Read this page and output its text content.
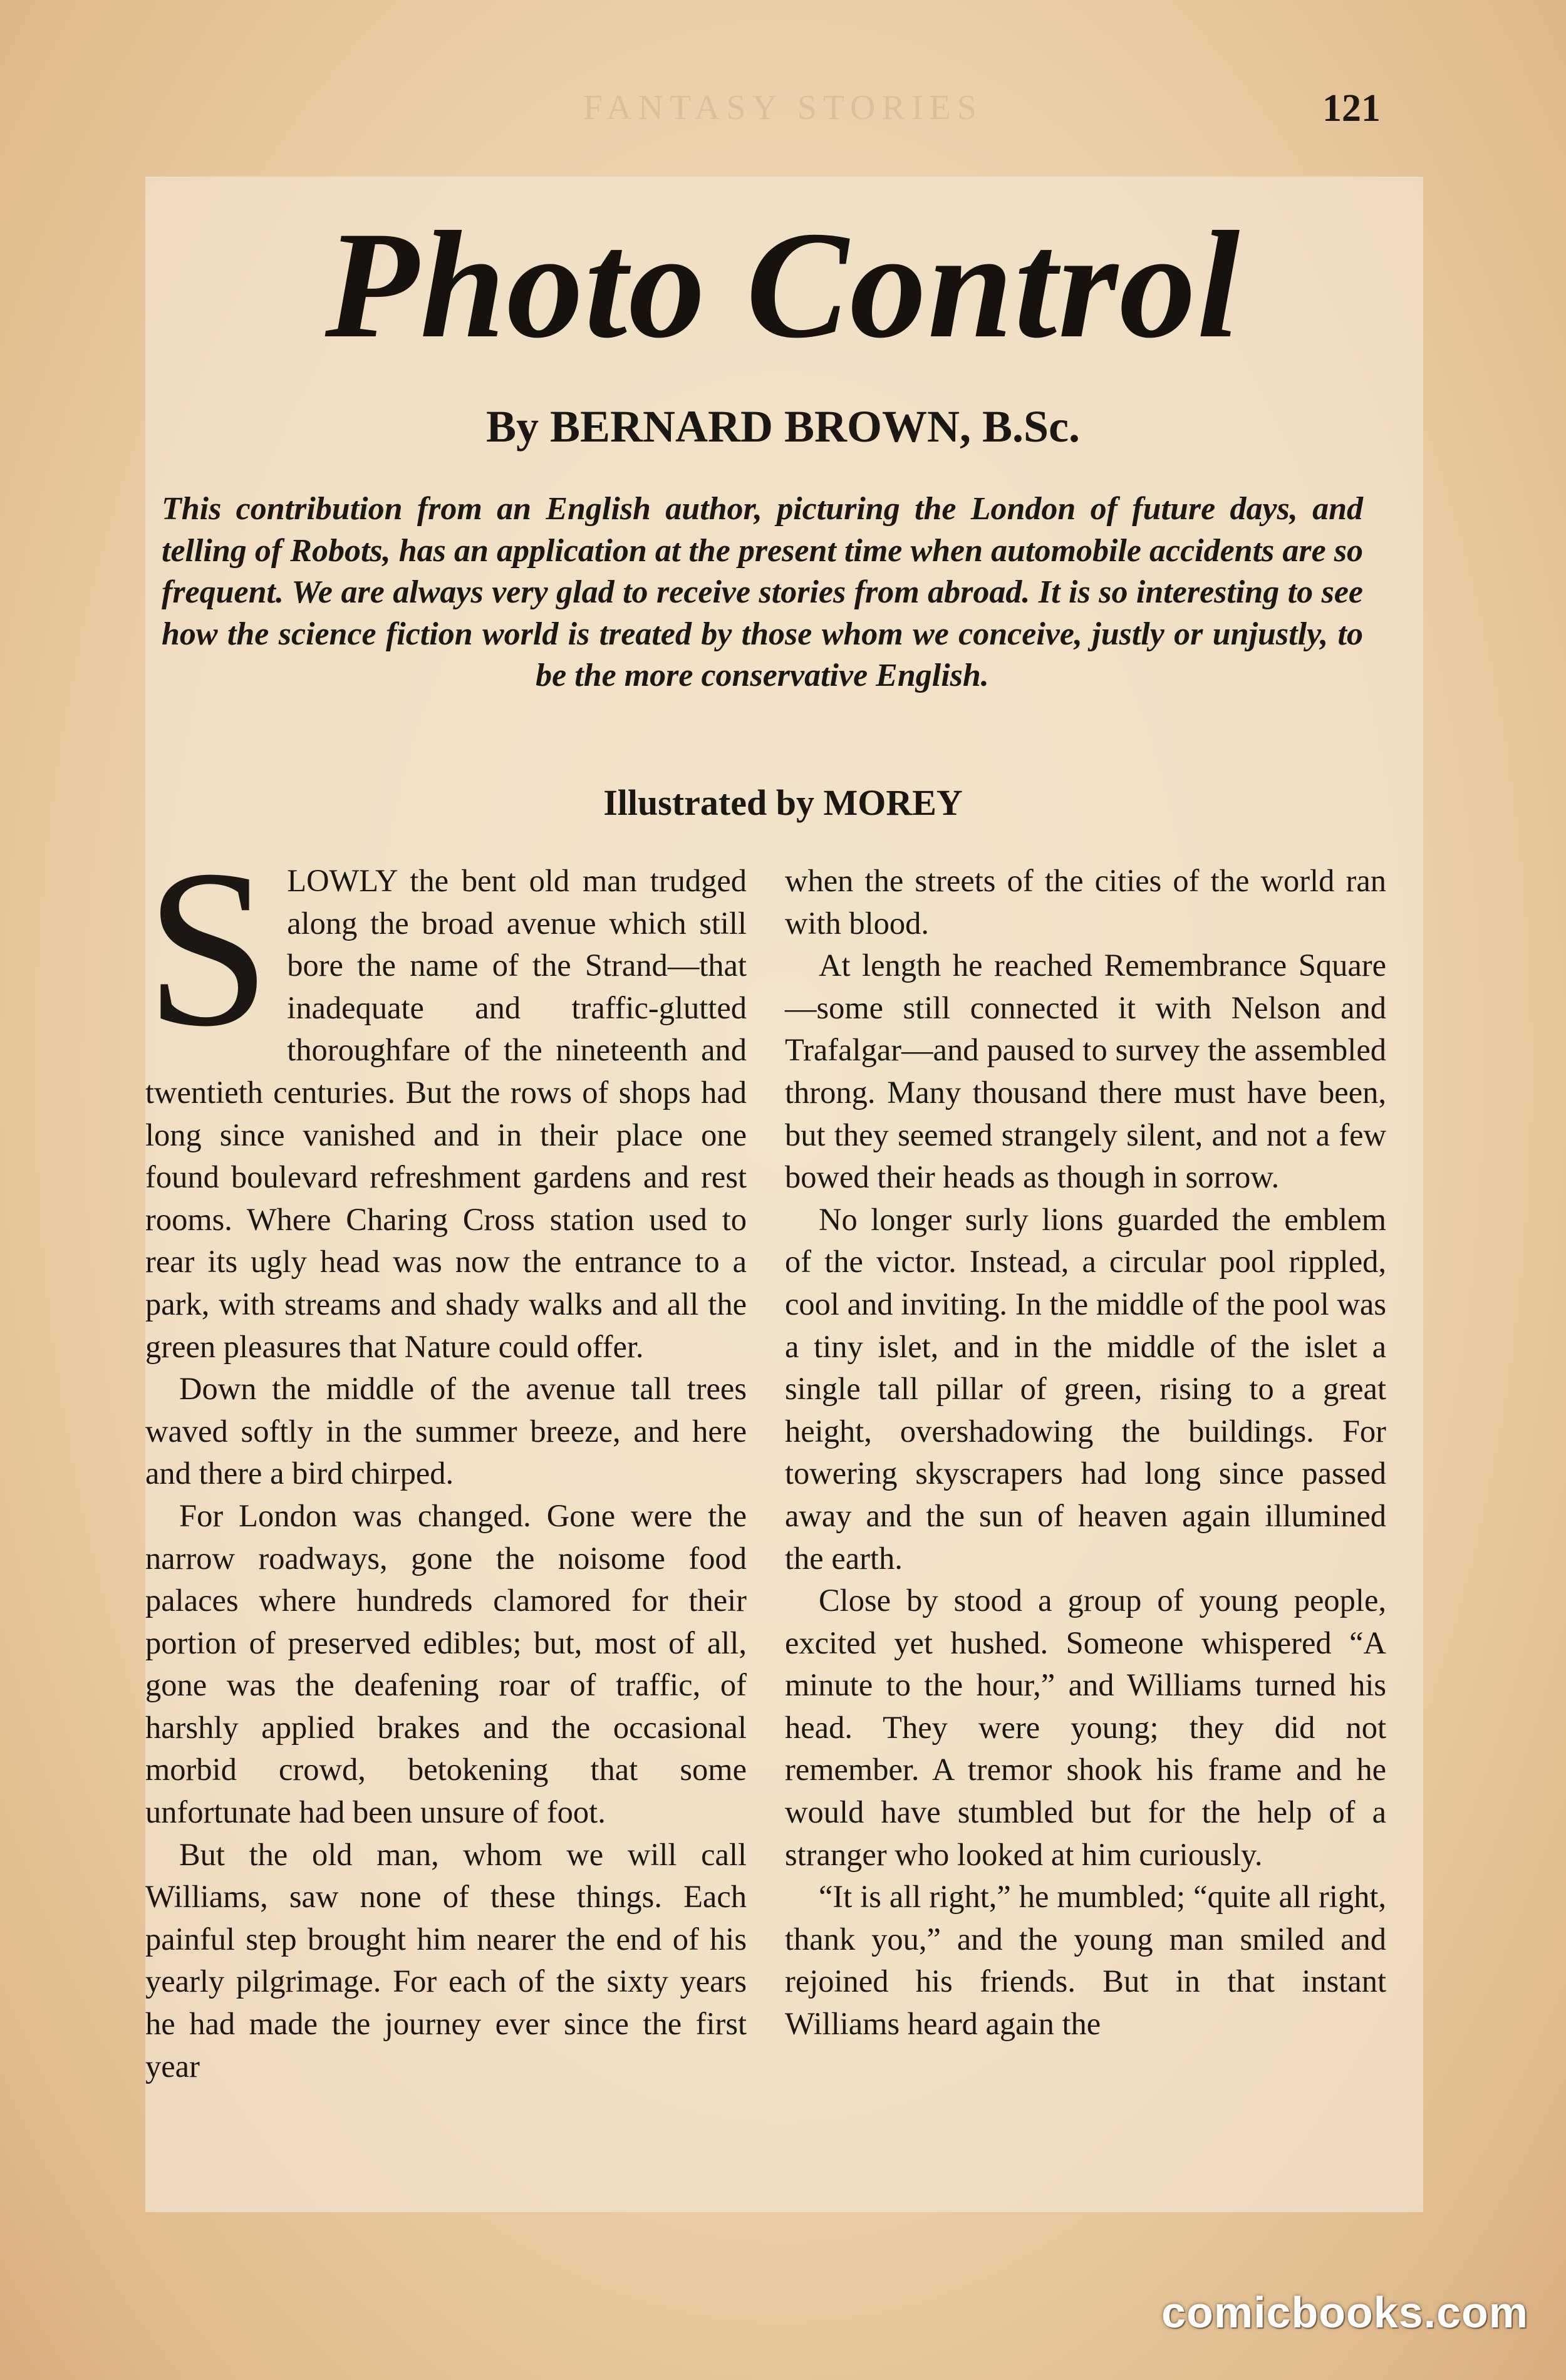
FANTASY STORIES	121
Photo Control
By BERNARD BROWN, B.Sc.
This contribution from an English author, picturing the London of future days, and telling of Robots, has an application at the present time when automobile accidents are so frequent. We are always very glad to receive stories from abroad. It is so interesting to see how the science fiction world is treated by those whom we conceive, justly or unjustly, to be the more conservative English.
Illustrated by MOREY

SLOWLY the bent old man trudged along the broad avenue which still bore the name of the Strand—that inadequate and traffic-glutted thoroughfare of the nineteenth and twentieth centuries. But the rows of shops had long since vanished and in their place one found boulevard refreshment gardens and rest rooms. Where Charing Cross station used to rear its ugly head was now the entrance to a park, with streams and shady walks and all the green pleasures that Nature could offer.

Down the middle of the avenue tall trees waved softly in the summer breeze, and here and there a bird chirped.

For London was changed. Gone were the narrow roadways, gone the noisome food palaces where hundreds clamored for their portion of preserved edibles; but, most of all, gone was the deafening roar of traffic, of harshly applied brakes and the occasional morbid crowd, betokening that some unfortunate had been unsure of foot.

But the old man, whom we will call Williams, saw none of these things. Each painful step brought him nearer the end of his yearly pilgrimage. For each of the sixty years he had made the journey ever since the first year

when the streets of the cities of the world ran with blood.

At length he reached Remembrance Square—some still connected it with Nelson and Trafalgar—and paused to survey the assembled throng. Many thousand there must have been, but they seemed strangely silent, and not a few bowed their heads as though in sorrow.

No longer surly lions guarded the emblem of the victor. Instead, a circular pool rippled, cool and inviting. In the middle of the pool was a tiny islet, and in the middle of the islet a single tall pillar of green, rising to a great height, overshadowing the buildings. For towering skyscrapers had long since passed away and the sun of heaven again illumined the earth.

Close by stood a group of young people, excited yet hushed. Someone whispered “A minute to the hour,” and Williams turned his head. They were young; they did not remember. A tremor shook his frame and he would have stumbled but for the help of a stranger who looked at him curiously.

“It is all right,” he mumbled; “quite all right, thank you,” and the young man smiled and rejoined his friends. But in that instant Williams heard again the

comicbooks.com
